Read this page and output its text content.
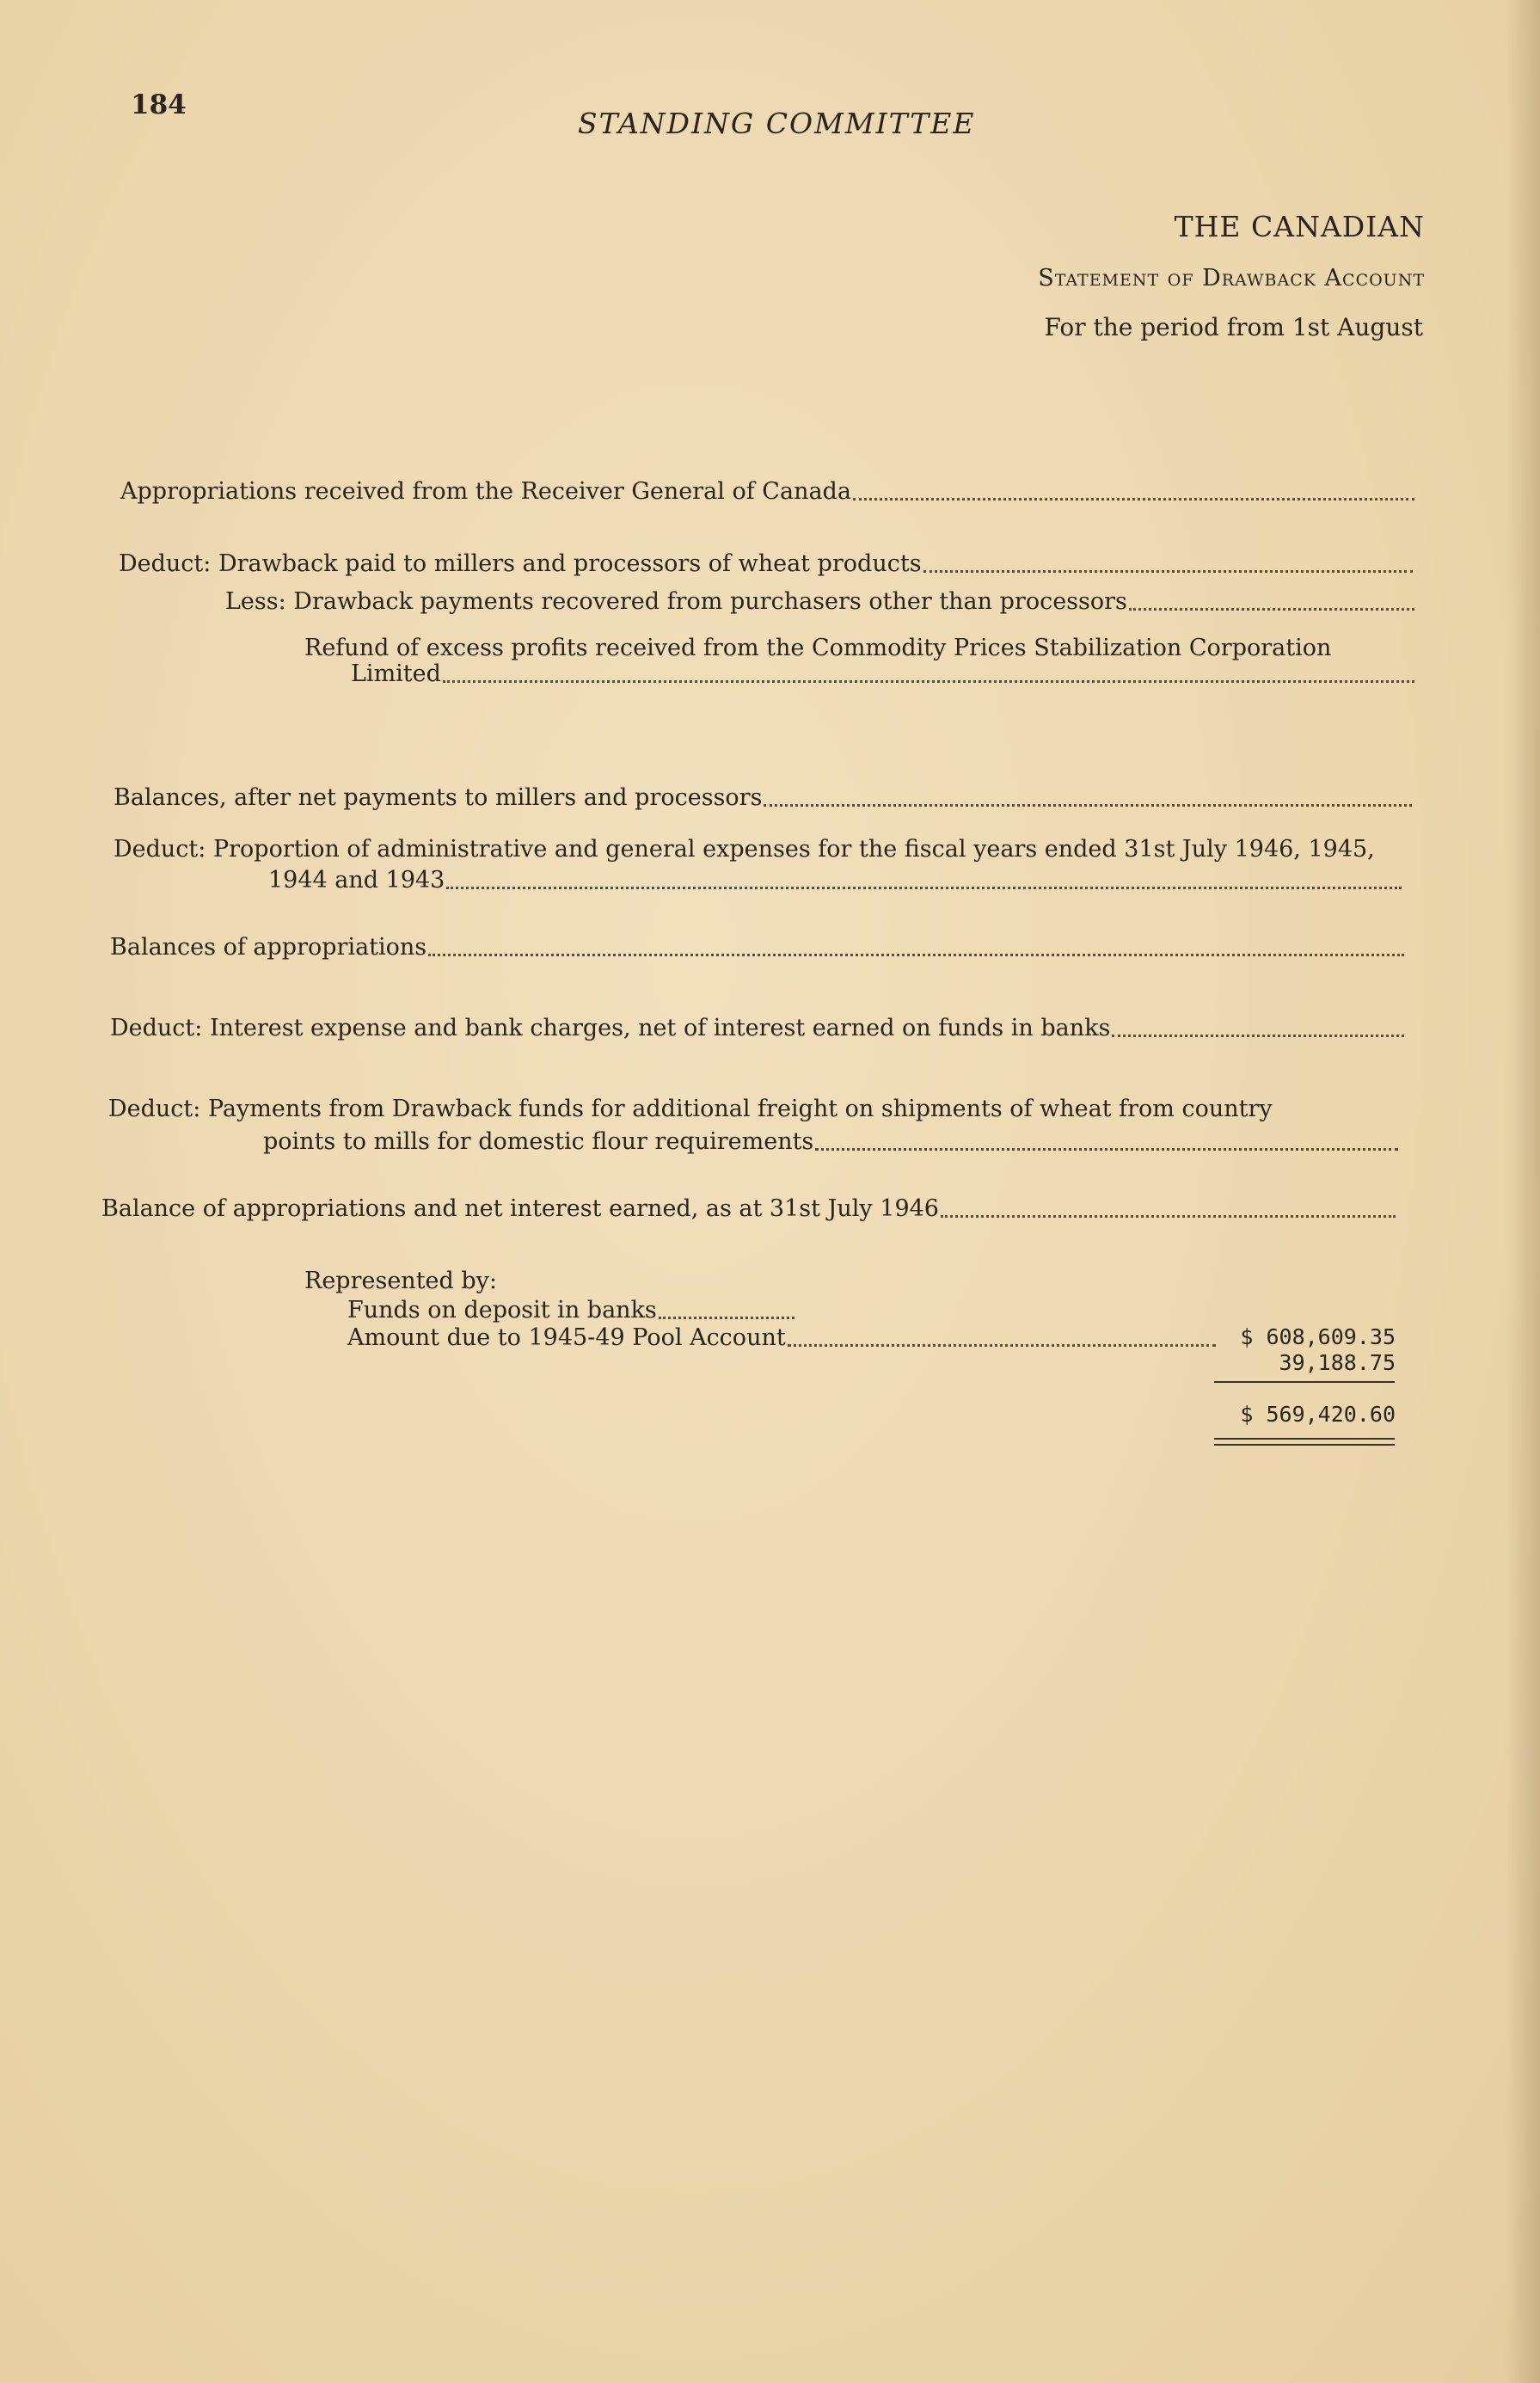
184
STANDING COMMITTEE
THE CANADIAN
Statement of Drawback Account
For the period from 1st August
Appropriations received from the Receiver General of Canada
Deduct: Drawback paid to millers and processors of wheat products
Less: Drawback payments recovered from purchasers other than processors
Refund of excess profits received from the Commodity Prices Stabilization Corporation
Limited
Balances, after net payments to millers and processors
Deduct: Proportion of administrative and general expenses for the fiscal years ended 31st July 1946, 1945,
1944 and 1943
Balances of appropriations
Deduct: Interest expense and bank charges, net of interest earned on funds in banks
Deduct: Payments from Drawback funds for additional freight on shipments of wheat from country
points to mills for domestic flour requirements
Balance of appropriations and net interest earned, as at 31st July 1946
Represented by:
Funds on deposit in banks
Amount due to 1945-49 Pool Account	$ 608,609.35
39,188.75
$ 569,420.60
